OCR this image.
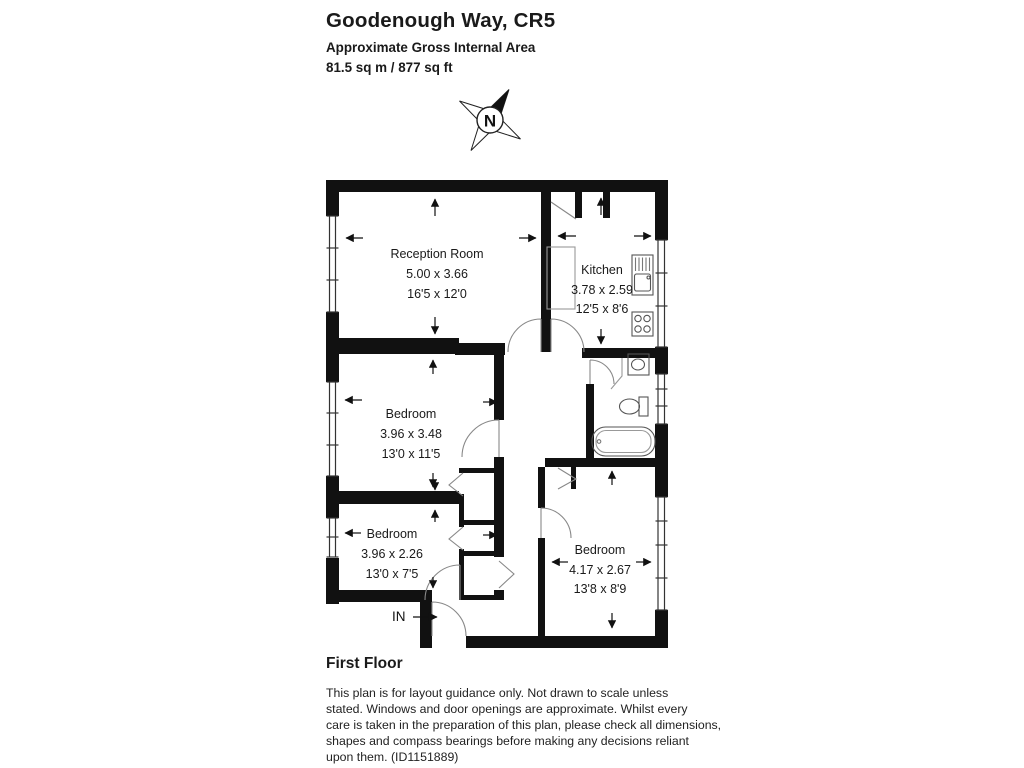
Goodenough Way, CR5
Approximate Gross Internal Area
81.5 sq m / 877 sq ft
N
Reception Room
5.00 x 3.66
16'5 x 12'0
Kitchen
3.78 x 2.59
12'5 x 8'6
Bedroom
3.96 x 3.48
13'0 x 11'5
Bedroom
3.96 x 2.26
13'0 x 7'5
Bedroom
4.17 x 2.67
13'8 x 8'9
IN
First Floor
This plan is for layout guidance only. Not drawn to scale unless
stated. Windows and door openings are approximate. Whilst every
care is taken in the preparation of this plan, please check all dimensions,
shapes and compass bearings before making any decisions reliant
upon them. (ID1151889)
